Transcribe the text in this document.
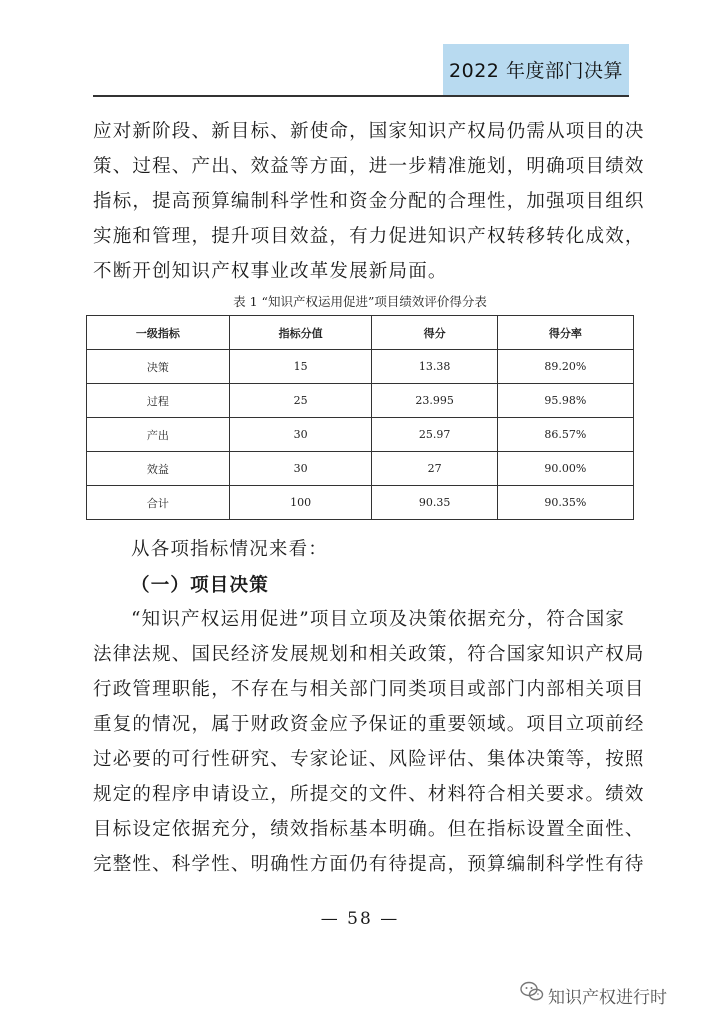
2022 年度部门决算
应对新阶段、新目标、新使命，国家知识产权局仍需从项目的决
策、过程、产出、效益等方面，进一步精准施划，明确项目绩效
指标，提高预算编制科学性和资金分配的合理性，加强项目组织
实施和管理，提升项目效益，有力促进知识产权转移转化成效，
不断开创知识产权事业改革发展新局面。
表 1 “知识产权运用促进”项目绩效评价得分表
一级指标	指标分值	得分	得分率
决策	15	13.38	89.20%
过程	25	23.995	95.98%
产出	30	25.97	86.57%
效益	30	27	90.00%
合计	100	90.35	90.35%
从各项指标情况来看：
（一）项目决策
“知识产权运用促进”项目立项及决策依据充分，符合国家
法律法规、国民经济发展规划和相关政策，符合国家知识产权局
行政管理职能，不存在与相关部门同类项目或部门内部相关项目
重复的情况，属于财政资金应予保证的重要领域。项目立项前经
过必要的可行性研究、专家论证、风险评估、集体决策等，按照
规定的程序申请设立，所提交的文件、材料符合相关要求。绩效
目标设定依据充分，绩效指标基本明确。但在指标设置全面性、
完整性、科学性、明确性方面仍有待提高，预算编制科学性有待
— 58 —
知识产权进行时
